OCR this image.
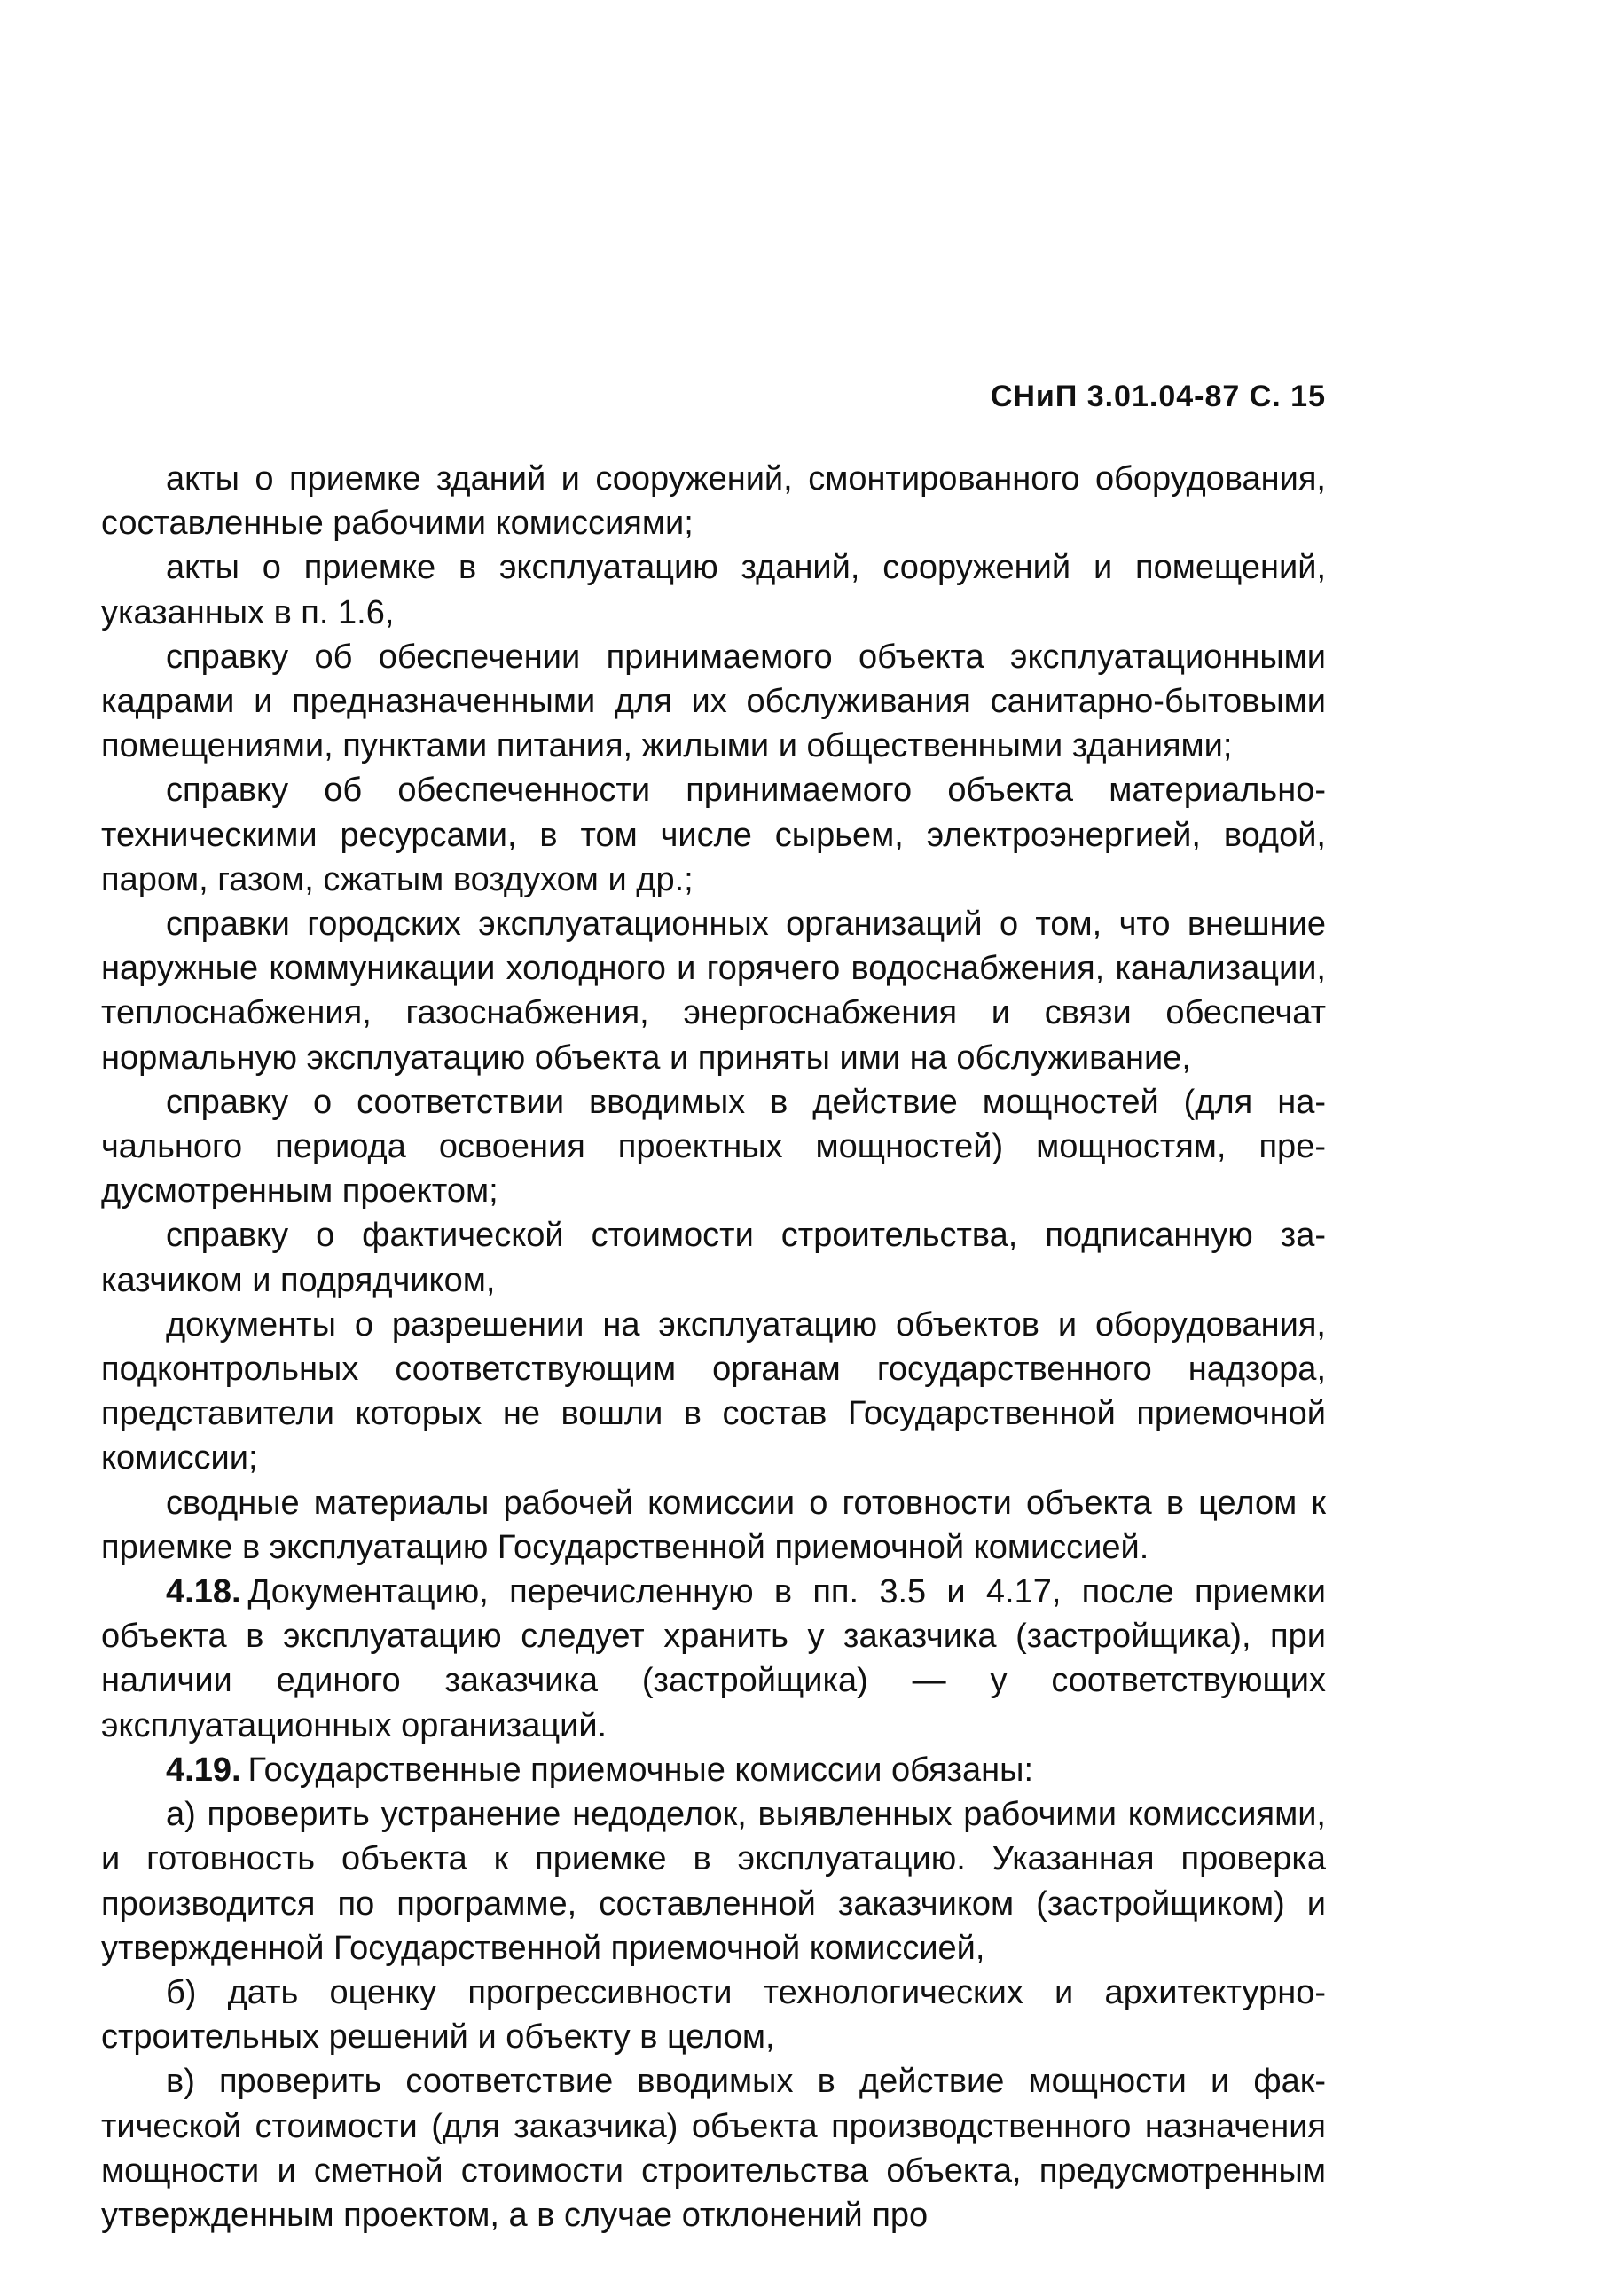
СНиП 3.01.04-87 С. 15

акты о приемке зданий и сооружений, смонтированного оборудования, составленные рабочими комиссиями;

акты о приемке в эксплуатацию зданий, сооружений и помещений, указанных в п. 1.6,

справку об обеспечении принимаемого объекта эксплуатационными кадрами и предназначенными для их обслуживания санитарно-бытовыми помещениями, пунктами питания, жилыми и общественными зданиями;

справку об обеспеченности принимаемого объекта материально-техническими ресурсами, в том числе сырьем, электроэнергией, водой, паром, газом, сжатым воздухом и др.;

справки городских эксплуатационных организаций о том, что внешние наружные коммуникации холодного и горячего водоснабжения, канализации, теплоснабжения, газоснабжения, энергоснабжения и связи обеспечат нормальную эксплуатацию объекта и приняты ими на обслуживание,

справку о соответствии вводимых в действие мощностей (для начального периода освоения проектных мощностей) мощностям, предусмотренным проектом;

справку о фактической стоимости строительства, подписанную заказчиком и подрядчиком,

документы о разрешении на эксплуатацию объектов и оборудования, подконтрольных соответствующим органам государственного надзора, представители которых не вошли в состав Государственной приемочной комиссии;

сводные материалы рабочей комиссии о готовности объекта в целом к приемке в эксплуатацию Государственной приемочной комиссией.

4.18. Документацию, перечисленную в пп. 3.5 и 4.17, после приемки объекта в эксплуатацию следует хранить у заказчика (застройщика), при наличии единого заказчика (застройщика) — у соответствующих эксплуатационных организаций.

4.19. Государственные приемочные комиссии обязаны:

а) проверить устранение недоделок, выявленных рабочими комиссиями, и готовность объекта к приемке в эксплуатацию. Указанная проверка производится по программе, составленной заказчиком (застройщиком) и утвержденной Государственной приемочной комиссией,

б) дать оценку прогрессивности технологических и архитектурно-строительных решений и объекту в целом,

в) проверить соответствие вводимых в действие мощности и фактической стоимости (для заказчика) объекта производственного назначения мощности и сметной стоимости строительства объекта, предусмотренным утвержденным проектом, а в случае отклонений про
